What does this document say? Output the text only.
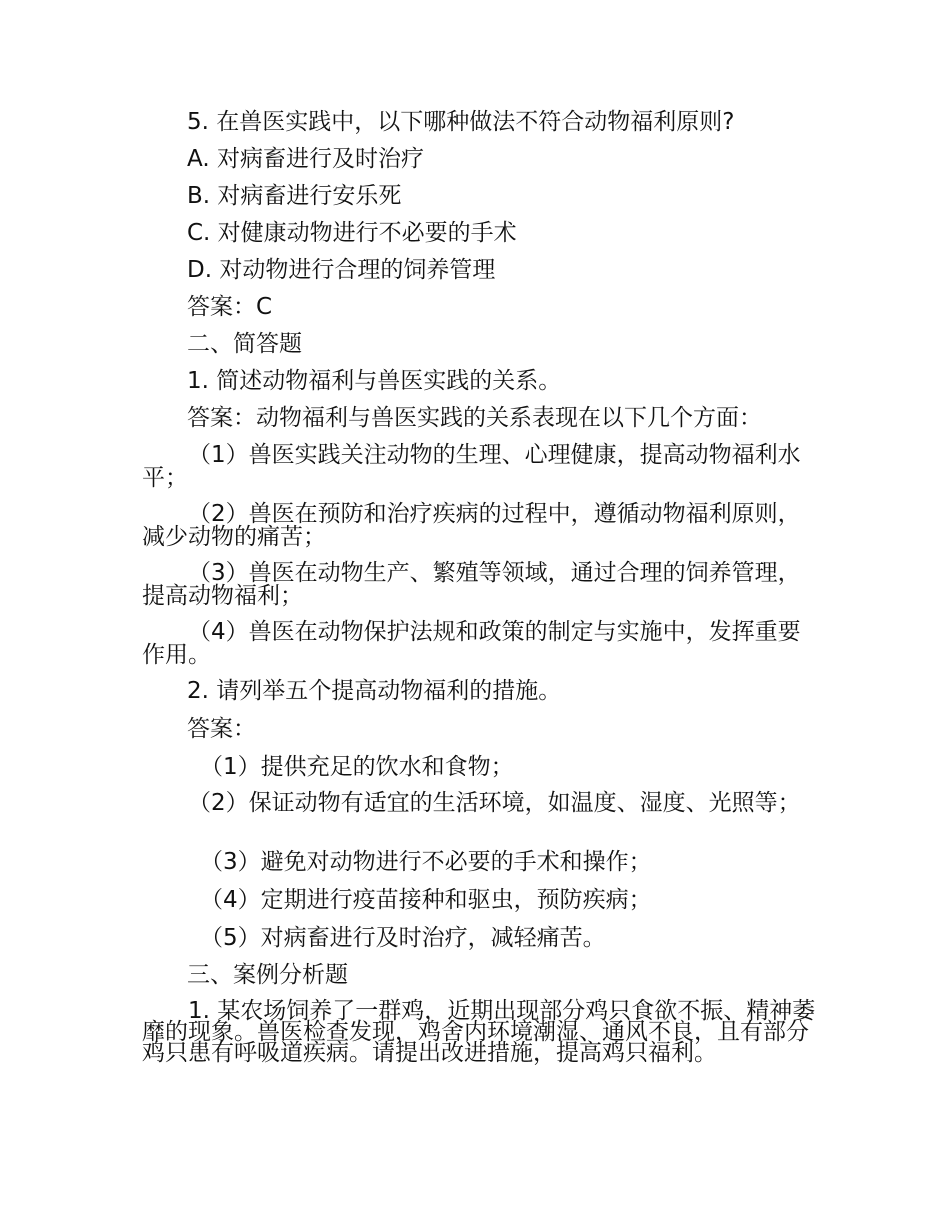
5. 在兽医实践中，以下哪种做法不符合动物福利原则?
A. 对病畜进行及时治疗
B. 对病畜进行安乐死
C. 对健康动物进行不必要的手术
D. 对动物进行合理的饲养管理
答案：C
二、简答题
1. 简述动物福利与兽医实践的关系。
答案：动物福利与兽医实践的关系表现在以下几个方面：
（1）兽医实践关注动物的生理、心理健康，提高动物福利水平；
（2）兽医在预防和治疗疾病的过程中，遵循动物福利原则，减少动物的痛苦；
（3）兽医在动物生产、繁殖等领域，通过合理的饲养管理，提高动物福利；
（4）兽医在动物保护法规和政策的制定与实施中，发挥重要作用。
2. 请列举五个提高动物福利的措施。
答案：
（1）提供充足的饮水和食物；
（2）保证动物有适宜的生活环境，如温度、湿度、光照等；
（3）避免对动物进行不必要的手术和操作；
（4）定期进行疫苗接种和驱虫，预防疾病；
（5）对病畜进行及时治疗，减轻痛苦。
三、案例分析题
1. 某农场饲养了一群鸡，近期出现部分鸡只食欲不振、精神萎靡的现象。兽医检查发现，鸡舍内环境潮湿、通风不良，且有部分鸡只患有呼吸道疾病。请提出改进措施，提高鸡只福利。
